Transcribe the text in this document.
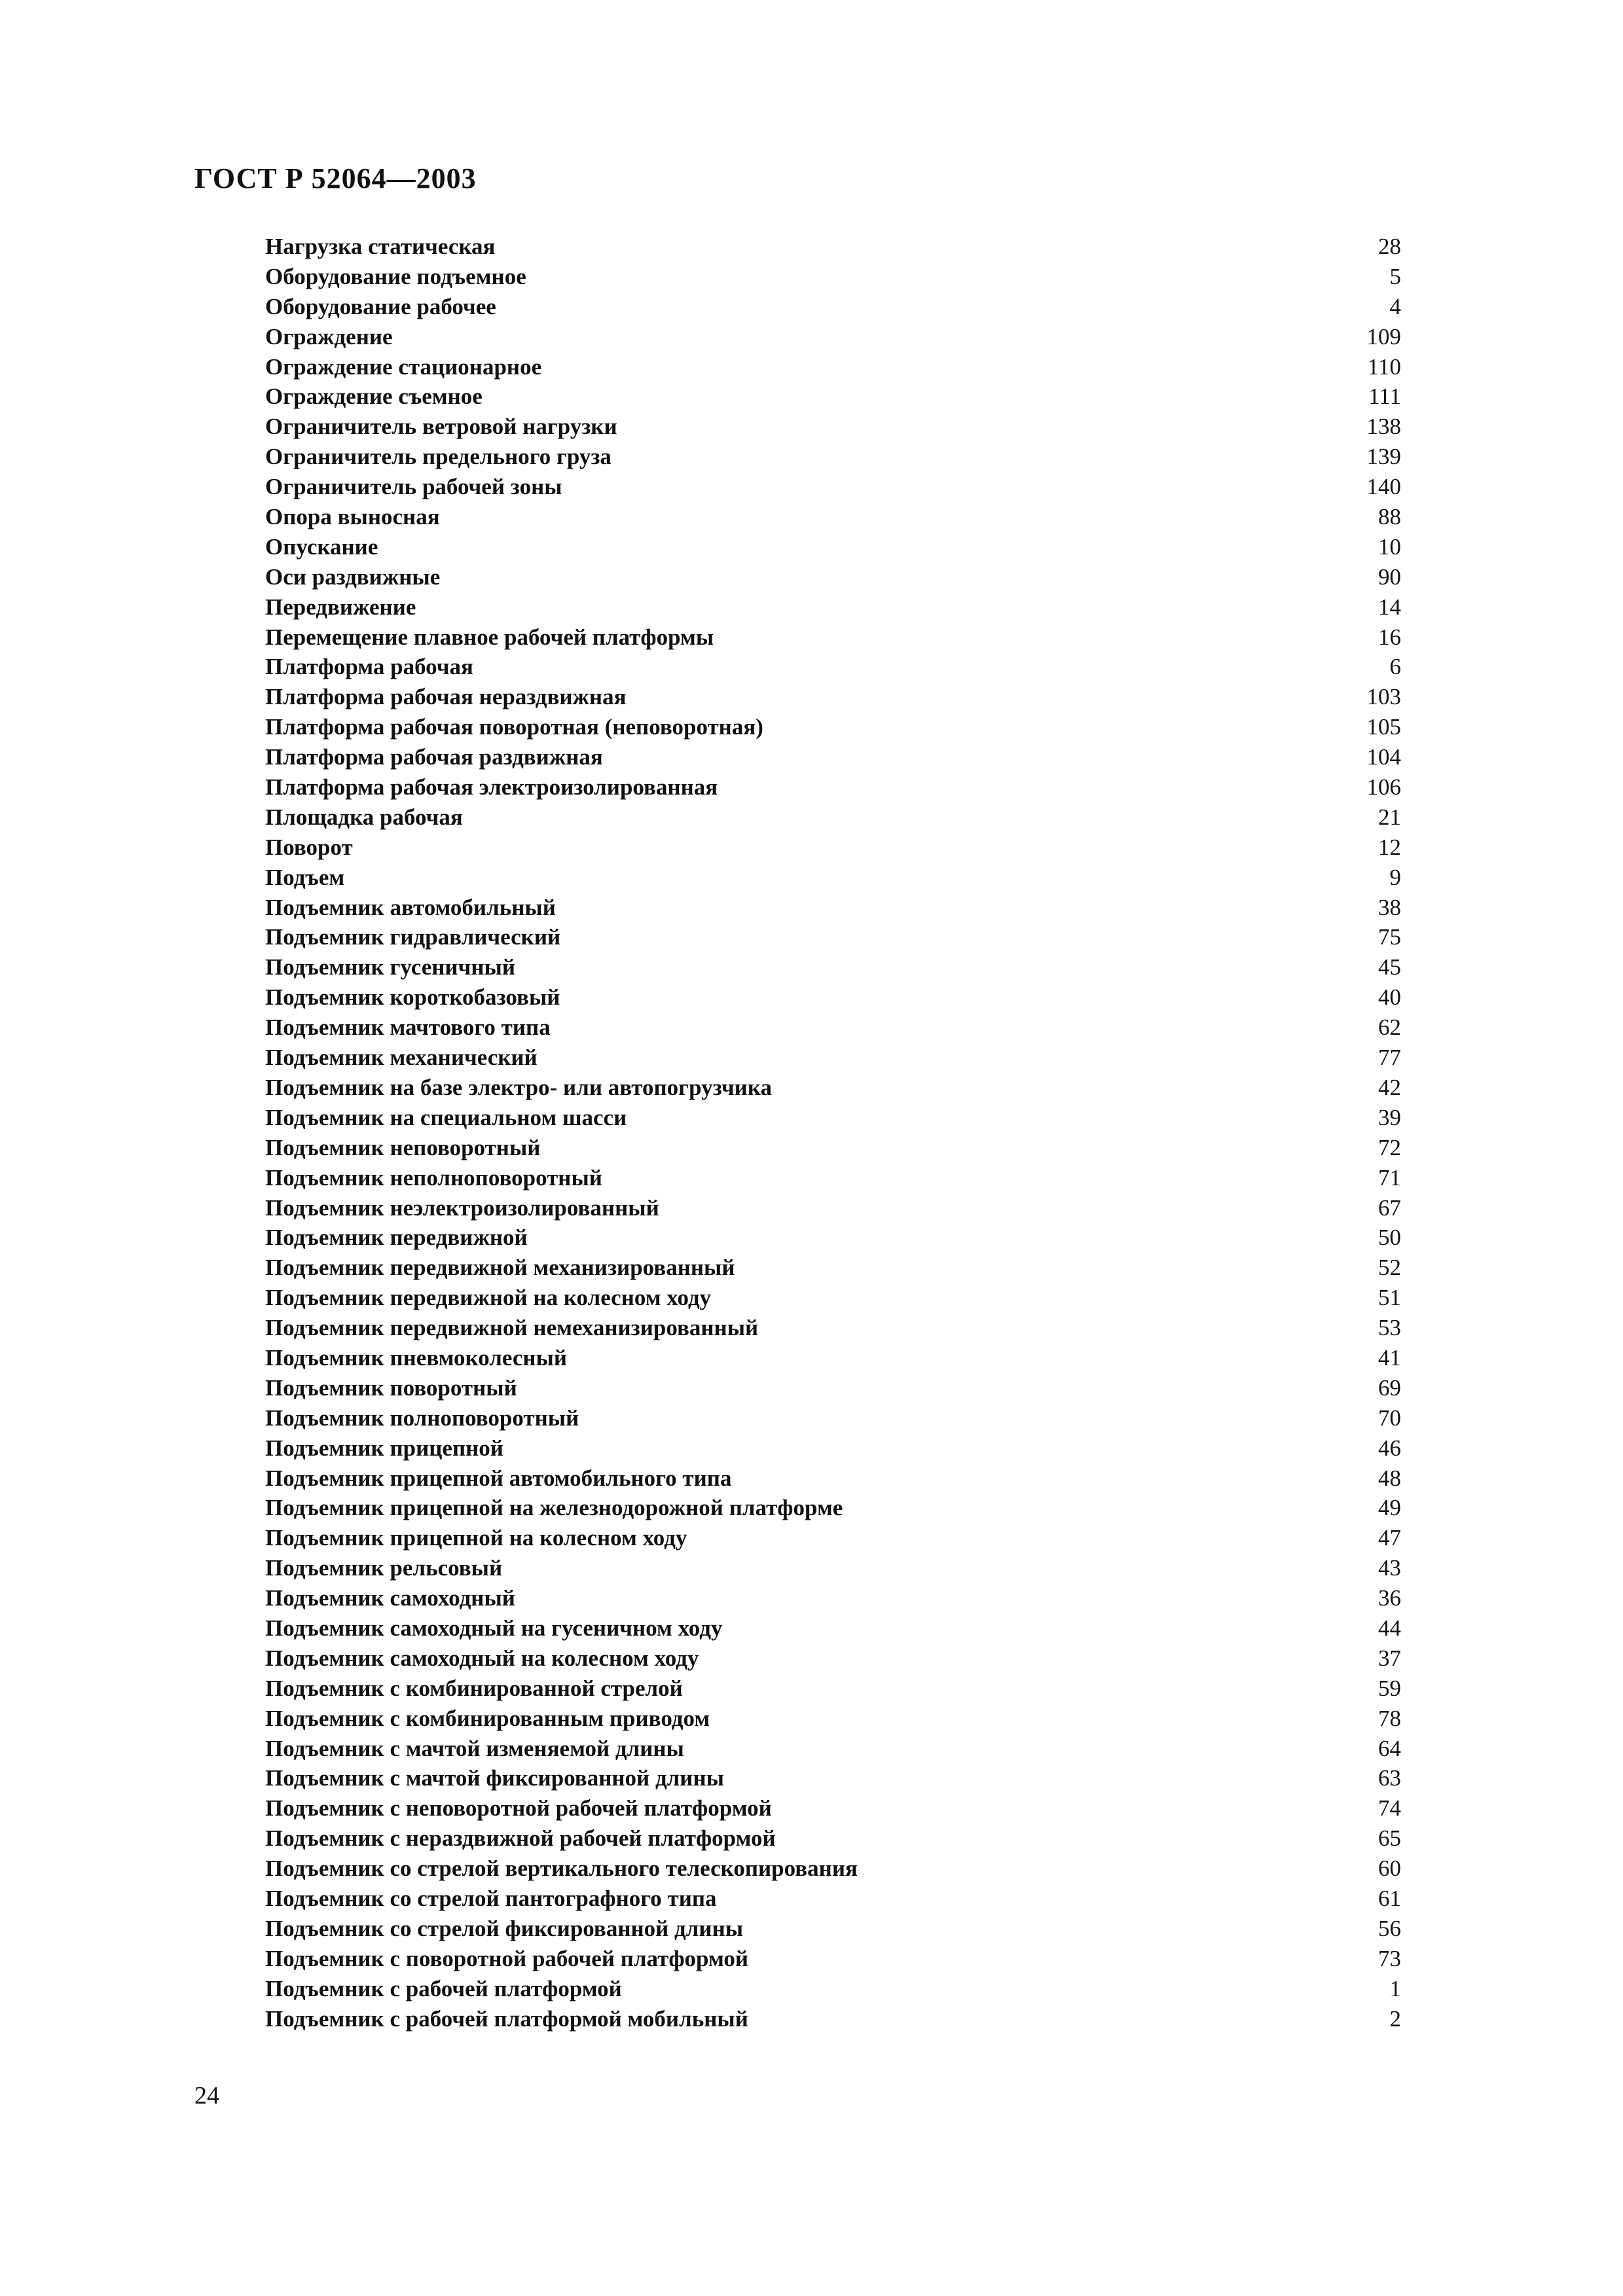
ГОСТ Р 52064—2003
Нагрузка статическая	28
Оборудование подъемное	5
Оборудование рабочее	4
Ограждение	109
Ограждение стационарное	110
Ограждение съемное	111
Ограничитель ветровой нагрузки	138
Ограничитель предельного груза	139
Ограничитель рабочей зоны	140
Опора выносная	88
Опускание	10
Оси раздвижные	90
Передвижение	14
Перемещение плавное рабочей платформы	16
Платформа рабочая	6
Платформа рабочая нераздвижная	103
Платформа рабочая поворотная (неповоротная)	105
Платформа рабочая раздвижная	104
Платформа рабочая электроизолированная	106
Площадка рабочая	21
Поворот	12
Подъем	9
Подъемник автомобильный	38
Подъемник гидравлический	75
Подъемник гусеничный	45
Подъемник короткобазовый	40
Подъемник мачтового типа	62
Подъемник механический	77
Подъемник на базе электро- или автопогрузчика	42
Подъемник на специальном шасси	39
Подъемник неповоротный	72
Подъемник неполноповоротный	71
Подъемник неэлектроизолированный	67
Подъемник передвижной	50
Подъемник передвижной механизированный	52
Подъемник передвижной на колесном ходу	51
Подъемник передвижной немеханизированный	53
Подъемник пневмоколесный	41
Подъемник поворотный	69
Подъемник полноповоротный	70
Подъемник прицепной	46
Подъемник прицепной автомобильного типа	48
Подъемник прицепной на железнодорожной платформе	49
Подъемник прицепной на колесном ходу	47
Подъемник рельсовый	43
Подъемник самоходный	36
Подъемник самоходный на гусеничном ходу	44
Подъемник самоходный на колесном ходу	37
Подъемник с комбинированной стрелой	59
Подъемник с комбинированным приводом	78
Подъемник с мачтой изменяемой длины	64
Подъемник с мачтой фиксированной длины	63
Подъемник с неповоротной рабочей платформой	74
Подъемник с нераздвижной рабочей платформой	65
Подъемник со стрелой вертикального телескопирования	60
Подъемник со стрелой пантографного типа	61
Подъемник со стрелой фиксированной длины	56
Подъемник с поворотной рабочей платформой	73
Подъемник с рабочей платформой	1
Подъемник с рабочей платформой мобильный	2
24
